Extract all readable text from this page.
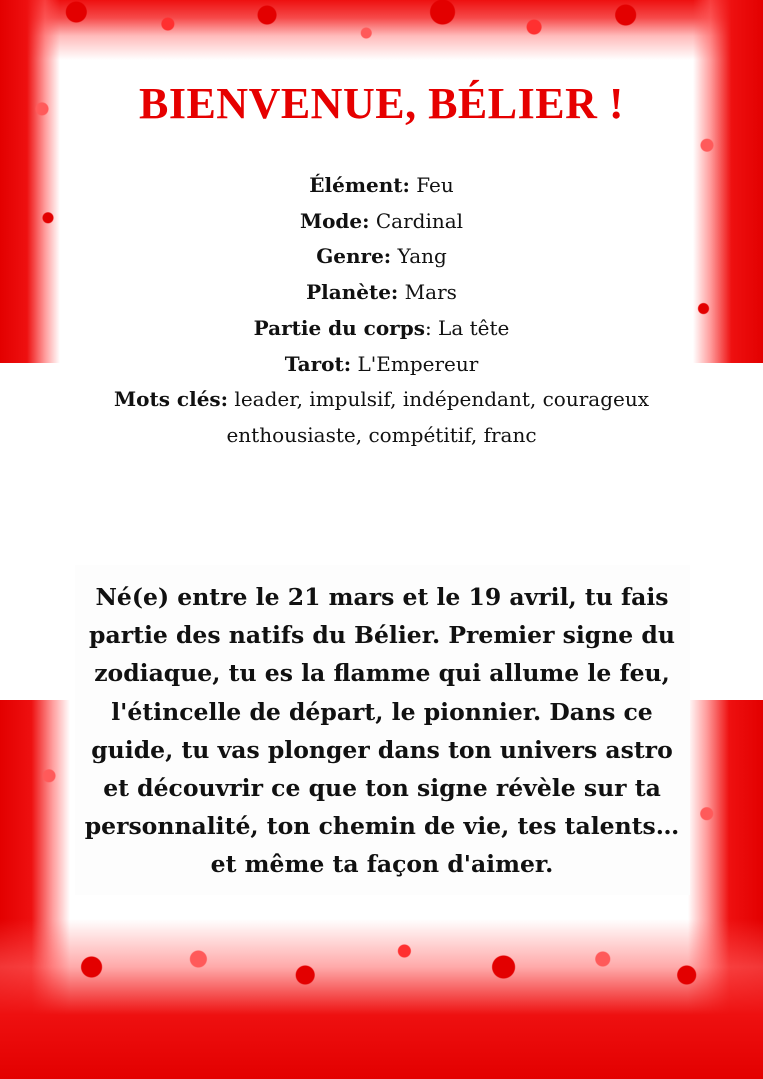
BIENVENUE, BÉLIER !
Élément: Feu
Mode: Cardinal
Genre: Yang
Planète: Mars
Partie du corps: La tête
Tarot: L'Empereur
Mots clés: leader, impulsif, indépendant, courageux enthousiaste, compétitif, franc

Né(e) entre le 21 mars et le 19 avril, tu fais partie des natifs du Bélier. Premier signe du zodiaque, tu es la flamme qui allume le feu, l'étincelle de départ, le pionnier. Dans ce guide, tu vas plonger dans ton univers astro et découvrir ce que ton signe révèle sur ta personnalité, ton chemin de vie, tes talents… et même ta façon d'aimer.
